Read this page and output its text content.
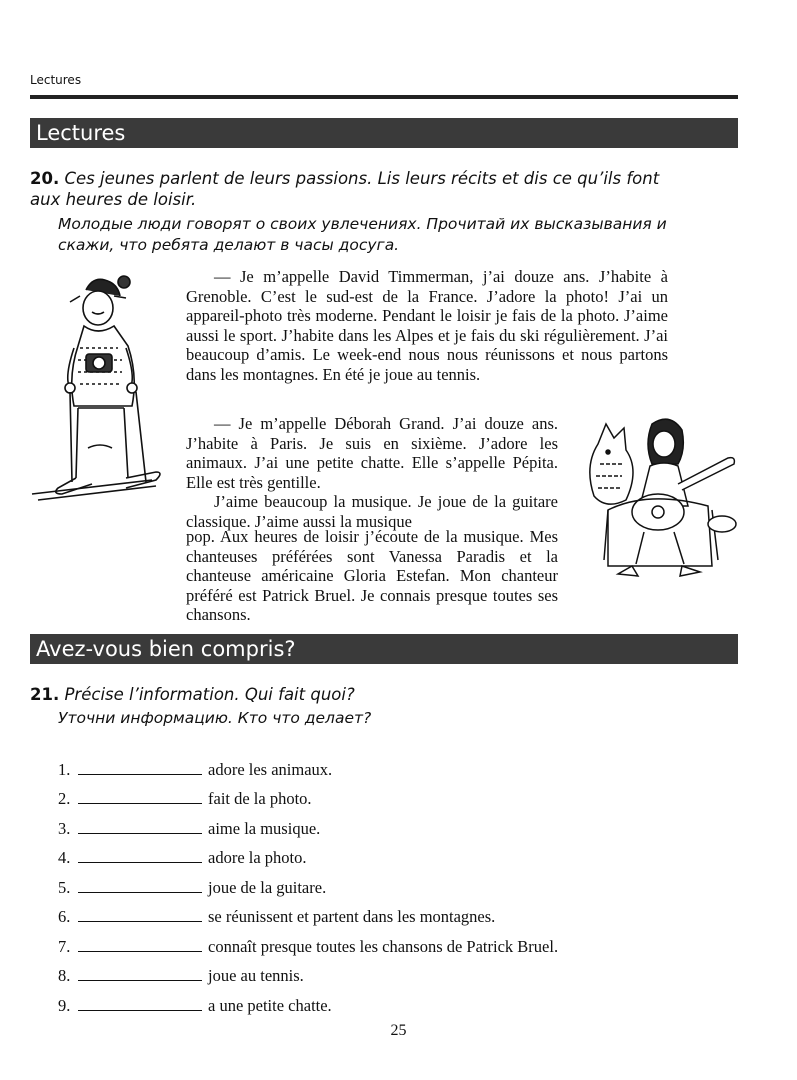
Lectures
Lectures
20. Ces jeunes parlent de leurs passions. Lis leurs récits et dis ce qu’ils font aux heures de loisir.
Молодые люди говорят о своих увлечениях. Прочитай их высказывания и скажи, что ребята делают в часы досуга.

— Je m’appelle David Timmerman, j’ai douze ans. J’habite à Grenoble. C’est le sud-est de la France. J’adore la photo! J’ai un appareil-photo très moderne. Pendant le loisir je fais de la photo. J’aime aussi le sport. J’habite dans les Alpes et je fais du ski régulièrement. J’ai beaucoup d’amis. Le week-end nous nous réunissons et nous partons dans les montagnes. En été je joue au tennis.

— Je m’appelle Déborah Grand. J’ai douze ans. J’habite à Paris. Je suis en sixième. J’adore les animaux. J’ai une petite chatte. Elle s’appelle Pépita. Elle est très gentille.

J’aime beaucoup la musique. Je joue de la guitare classique. J’aime aussi la musique

pop. Aux heures de loisir j’écoute de la musique. Mes chanteuses préférées sont Vanessa Paradis et la chanteuse américaine Gloria Estefan. Mon chanteur préféré est Patrick Bruel. Je connais presque toutes ses chansons.

Avez-vous bien compris?
21. Précise l’information. Qui fait quoi?
Уточни информацию. Кто что делает?
1.	adore les animaux.
2.	fait de la photo.
3.	aime la musique.
4.	adore la photo.
5.	joue de la guitare.
6.	se réunissent et partent dans les montagnes.
7.	connaît presque toutes les chansons de Patrick Bruel.
8.	joue au tennis.
9.	a une petite chatte.
25
